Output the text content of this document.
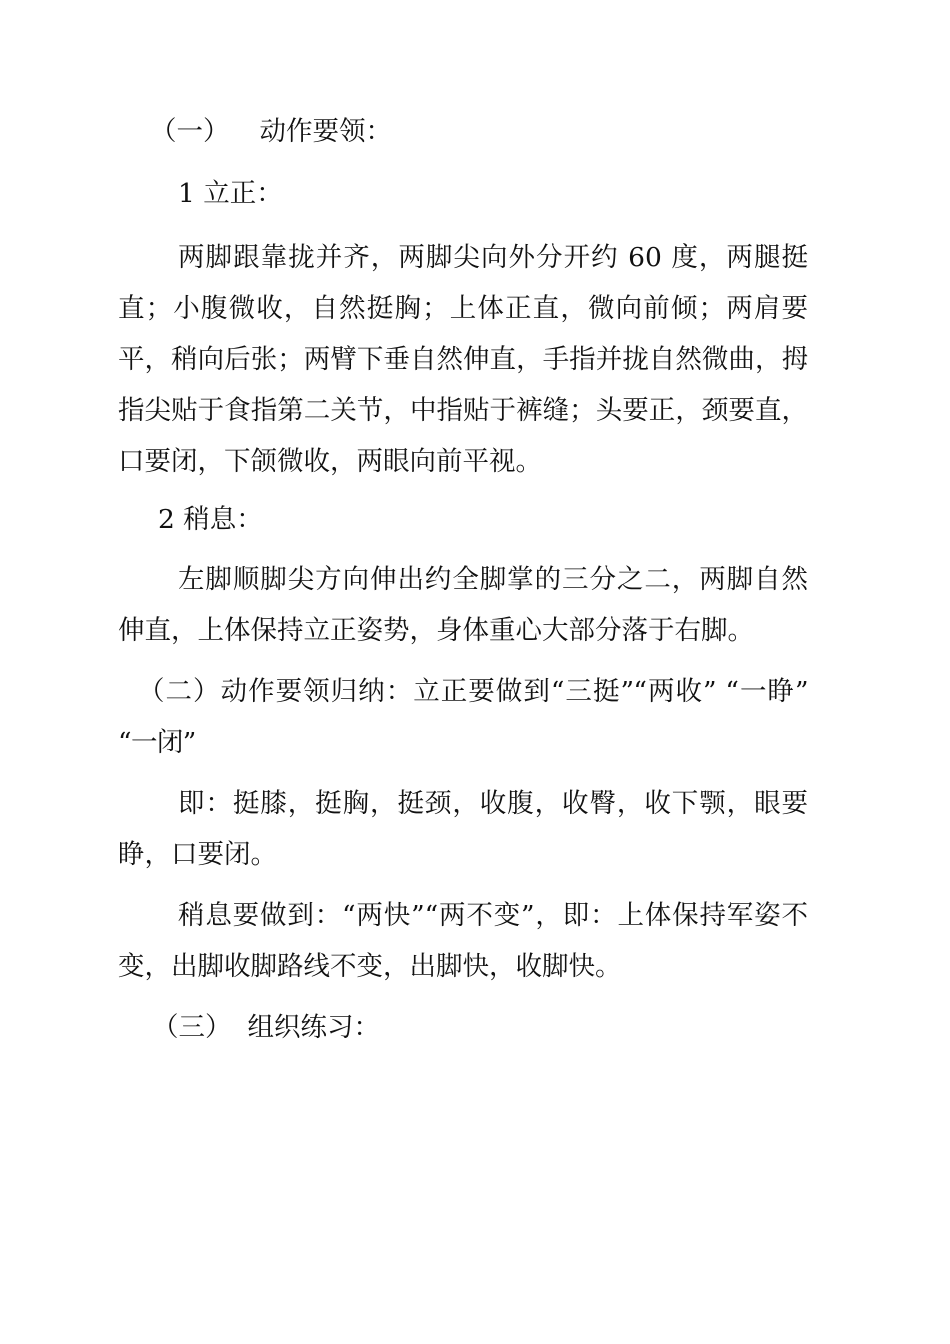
（一） 动作要领：
1 立正：

两脚跟靠拢并齐，两脚尖向外分开约 60 度，两腿挺直；小腹微收，自然挺胸；上体正直，微向前倾；两肩要平，稍向后张；两臂下垂自然伸直，手指并拢自然微曲，拇指尖贴于食指第二关节，中指贴于裤缝；头要正，颈要直，口要闭，下颌微收，两眼向前平视。

2 稍息：

左脚顺脚尖方向伸出约全脚掌的三分之二，两脚自然伸直，上体保持立正姿势，身体重心大部分落于右脚。

（二）动作要领归纳：立正要做到“三挺”“两收” “一睁” “一闭”

即：挺膝，挺胸，挺颈，收腹，收臀，收下颚，眼要睁，口要闭。

稍息要做到：“两快”“两不变”，即：上体保持军姿不变，出脚收脚路线不变，出脚快，收脚快。

（三） 组织练习：
